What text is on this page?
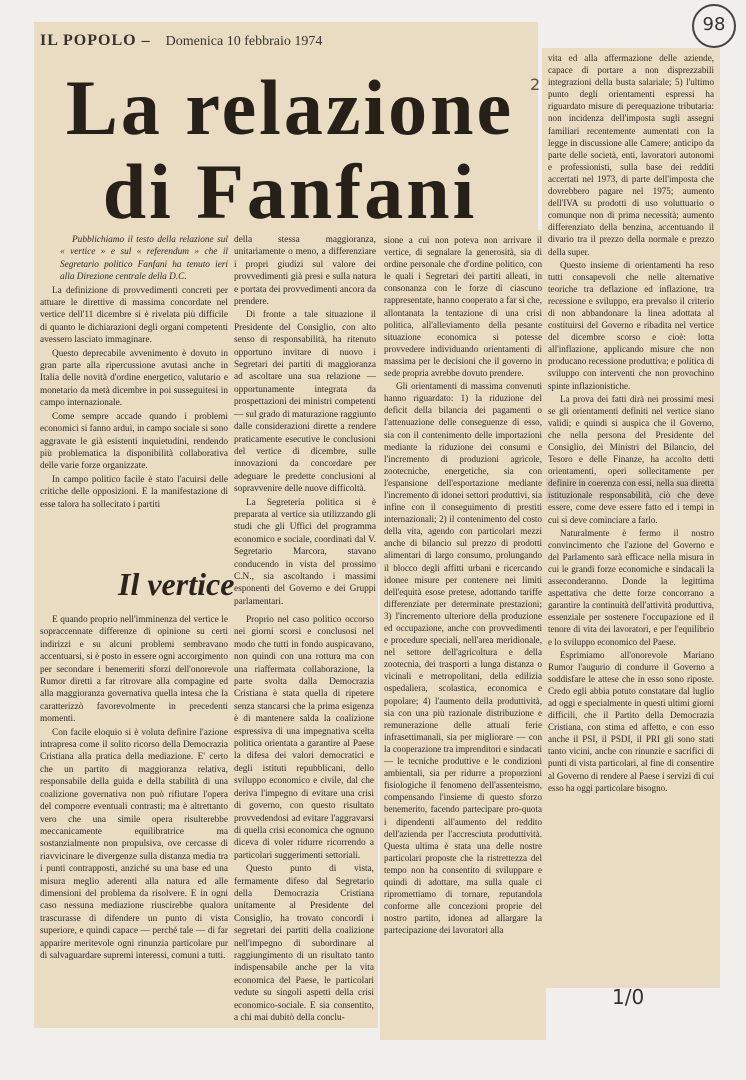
IL POPOLO – Domenica 10 febbraio 1974
La relazione
di Fanfani
2
98

Pubblichiamo il testo della relazione sul « vertice » e sul « referendum » che il Segretario politico Fanfani ha tenuto ieri alla Direzione centrale della D.C.

La definizione di provvedimenti concreti per attuare le direttive di massima concordate nel vertice dell'11 dicembre si è rivelata più difficile di quanto le dichiarazioni degli organi competenti avessero lasciato immaginare.

Questo deprecabile avvenimento è dovuto in gran parte alla ripercussione avutasi anche in Italia delle novità d'ordine energetico, valutario e monetario da metà dicembre in poi susseguitesi in campo internazionale.

Come sempre accade quando i problemi economici si fanno arduì, in campo sociale si sono aggravate le già esistenti inquietudini, rendendo più problematica la disponibilità collaborativa delle varie forze organizzate.

In campo politico facile è stato l'acuirsi delle critiche delle opposizioni. E la manifestazione di esse talora ha sollecitato i partiti

della stessa maggioranza, unitariamente o meno, a differenziare i propri giudizi sul valore dei provvedimenti già presi e sulla natura e portata dei provvedimenti ancora da prendere.

Di fronte a tale situazione il Presidente del Consiglio, con alto senso di responsabilità, ha ritenuto opportuno invitare di nuovo i Segretari dei partiti di maggioranza ad ascoltare una sua relazione — opportunamente integrata da prospettazioni dei ministri competenti — sul grado di maturazione raggiunto dalle considerazioni dirette a rendere praticamente esecutive le conclusioni del vertice di dicembre, sulle innovazioni da concordare per adeguare le predette conclusioni al sopravvenire delle nuove difficoltà.

La Segreteria politica si è preparata al vertice sia utilizzando gli studi che gli Uffici del programma economico e sociale, coordinati dal V. Segretario Marcora, stavano conducendo in vista del prossimo C.N., sia ascoltando i massimi esponenti del Governo e dei Gruppi parlamentari.

sione a cui non poteva non arrivare il vertice, di segnalare la generosità, sia di ordine personale che d'ordine politico, con le quali i Segretari dei partiti alleati, in consonanza con le forze di ciascuno rappresentate, hanno cooperato a far sì che, allontanata la tentazione di una crisi politica, all'alleviamento della pesante situazione economica si potesse provvedere individuando orientamenti di massima per le decisioni che il governo in sede propria avrebbe dovuto prendere.

Gli orientamenti di massima convenuti hanno riguardato: 1) la riduzione del deficit della bilancia dei pagamenti o l'attenuazione delle conseguenze di esso, sia con il contenimento delle importazioni mediante la riduzione dei consumi e l'incremento di produzioni agricole, zootecniche, energetiche, sia con l'espansione dell'esportazione mediante l'incremento di idonei settori produttivi, sia infine con il conseguimento di prestiti internazionali; 2) il contenimento del costo della vita, agendo con particolari mezzi anche di bilancio sul prezzo di prodotti alimentari di largo consumo, prolungando il blocco degli affitti urbani e ricercando idonee misure per contenere nei limiti dell'equità esose pretese, adottando tariffe differenziate per determinate prestazioni; 3) l'incremento ulteriore della produzione ed occupazione, anche con provvedimenti e procedure speciali, nell'area meridionale, nel settore dell'agricoltura e della zootecnia, dei trasporti a lunga distanza o vicinali e metropolitani, della edilizia ospedaliera, scolastica, economica e popolare; 4) l'aumento della produttività, sia con una più razionale distribuzione e remunerazione delle attuali ferie infrasettimanali, sia per migliorare — con la cooperazione tra imprenditori e sindacati — le tecniche produttive e le condizioni ambientali, sia per ridurre a proporzioni fisiologiche il fenomeno dell'assenteismo, compensando l'insieme di questo sforzo benemerito, facendo partecipare pro-quota i dipendenti all'aumento del reddito dell'azienda per l'accresciuta produttività. Questa ultima è stata una delle nostre particolari proposte che la ristrettezza del tempo non ha consentito di sviluppare e quindi di adottare, ma sulla quale ci ripromettiamo di tornare, reputandola conforme alle concezioni proprie del nostro partito, idonea ad allargare la partecipazione dei lavoratori alla

vita ed alla affermazione delle aziende, capace di portare a non disprezzabili integrazioni della busta salariale; 5) l'ultimo punto degli orientamenti espressi ha riguardato misure di perequazione tributaria: non incidenza dell'imposta sugli assegni familiari recentemente aumentati con la legge in discussione alle Camere; anticipo da parte delle società, enti, lavoratori autonomi e professionisti, sulla base dei redditi accertati nel 1973, di parte dell'imposta che dovrebbero pagare nel 1975; aumento dell'IVA su prodotti di uso voluttuario o comunque non di prima necessità; aumento differenziato della benzina, accentuando il divario tra il prezzo della normale e prezzo della super.

Questo insieme di orientamenti ha reso tutti consapevoli che nelle alternative teoriche tra deflazione ed inflazione, tra recessione e sviluppo, era prevalso il criterio di non abbandonare la linea adottata al costituirsi del Governo e ribadita nel vertice del dicembre scorso e cioè: lotta all'inflazione, applicando misure che non producano recessione produttiva; e politica di sviluppo con interventi che non provochino spinte inflazionistiche.

La prova dei fatti dirà nei prossimi mesi se gli orientamenti definiti nel vertice siano validi; e quindi si auspica che il Governo, che nella persona del Presidente del Consiglio, dei Ministri del Bilancio, del Tesoro e delle Finanze, ha accolto detti orientamenti, operi sollecitamente per definire in coerenza con essi, nella sua diretta istituzionale responsabilità, ciò che deve essere, come deve essere fatto ed i tempi in cui si deve cominciare a farlo.

Naturalmente è fermo il nostro convincimento che l'azione del Governo e del Parlamento sarà efficace nella misura in cui le grandi forze economiche e sindacali la asseconderanno. Donde la legittima aspettativa che dette forze concorrano a garantire la continuità dell'attività produttiva, essenziale per sostenere l'occupazione ed il tenore di vita dei lavoratori, e per l'equilibrio e lo sviluppo economico del Paese.

Esprimiamo all'onorevole Mariano Rumor l'augurio di condurre il Governo a soddisfare le attese che in esso sono riposte. Credo egli abbia potuto constatare dal luglio ad oggi e specialmente in questi ultimi giorni difficili, che il Partito della Democrazia Cristiana, con stima ed affetto, e con esso anche il PSI, il PSDI, il PRI gli sono stati tanto vicini, anche con rinunzie e sacrifici di punti di vista particolari, al fine di consentire al Governo di rendere al Paese i servizi di cui esso ha oggi particolare bisogno.

Il vertice

E quando proprio nell'imminenza del vertice le sopraccennate differenze di opinione su certi indirizzi e su alcuni problemi sembravano accentuarsi, si è posto in essere ogni accorgimento per secondare i benemeriti sforzi dell'onorevole Rumor diretti a far ritrovare alla compagine ed alla maggioranza governativa quella intesa che la caratterizzò favorevolmente in precedenti momenti.

Con facile eloquio si è voluta definire l'azione intrapresa come il solito ricorso della Democrazia Cristiana alla pratica della mediazione. E' certo che un partito di maggioranza relativa, responsabile della guida e della stabilità di una coalizione governativa non può rifiutare l'opera del comporre eventuali contrasti; ma è altrettanto vero che una simile opera risulterebbe meccanicamente equilibratrice ma sostanzialmente non propulsiva, ove cercasse di riavvicinare le divergenze sulla distanza media tra i punti contrapposti, anziché su una base ed una misura meglio aderenti alla natura ed alle dimensioni del problema da risolvere. E in ogni caso nessuna mediazione riuscirebbe qualora trascurasse di difendere un punto di vista superiore, e quindi capace — perché tale — di far apparire meritevole ogni rinunzia particolare pur di salvaguardare supremi interessi, comuni a tutti.

Proprio nel caso politico occorso nei giorni scorsi e conclusosi nel modo che tutti in fondo auspicavano, non quindi con una rottura ma con una riaffermata collaborazione, la parte svolta dalla Democrazia Cristiana è stata quella di ripetere senza stancarsi che la prima esigenza è di mantenere salda la coalizione espressiva di una impegnativa scelta politica orientata a garantire al Paese la difesa dei valori democratici e degli istituti repubblicani, dello sviluppo economico e civile, dal che deriva l'impegno di evitare una crisi di governo, con questo risultato provvedendosi ad evitare l'aggravarsi di quella crisi economica che ognuno diceva di voler ridurre ricorrendo a particolari suggerimenti settoriali.

Questo punto di vista, fermamente difeso dal Segretario della Democrazia Cristiana unitamente al Presidente del Consiglio, ha trovato concordi i segretari dei partiti della coalizione nell'impegno di subordinare al raggiungimento di un risultato tanto indispensabile anche per la vita economica del Paese, le particolari vedute su singoli aspetti della crisi economico-sociale. E sia consentito, a chi mai dubitò della conclu-

1/0
